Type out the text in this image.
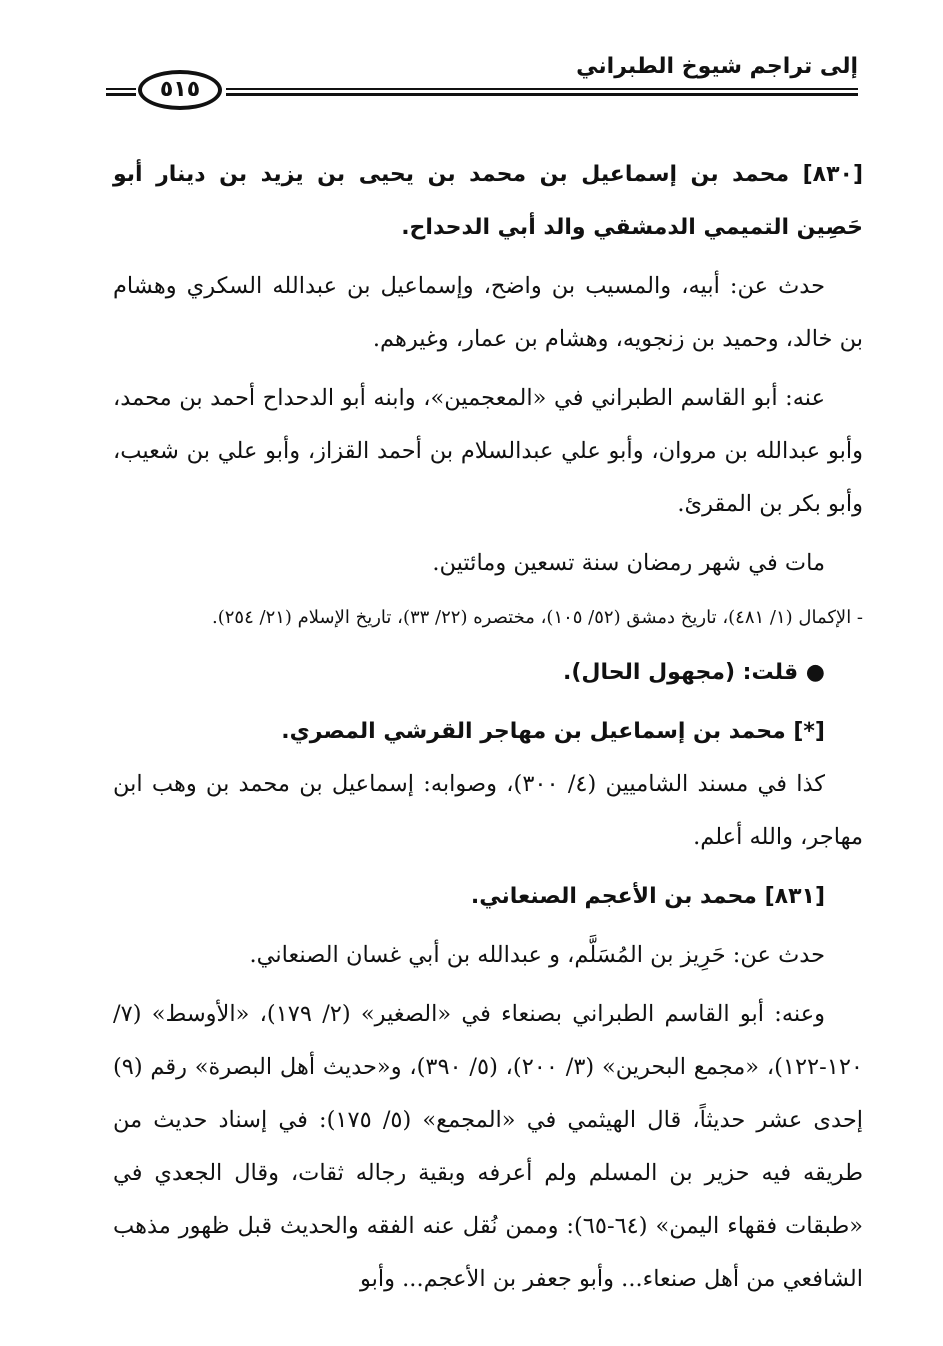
إلى تراجم شيوخ الطبراني
٥١٥

[٨٣٠] محمد بن إسماعيل بن محمد بن يحيى بن يزيد بن دينار أبو حَصِين التميمي الدمشقي والد أبي الدحداح.

حدث عن: أبيه، والمسيب بن واضح، وإسماعيل بن عبدالله السكري وهشام بن خالد، وحميد بن زنجويه، وهشام بن عمار، وغيرهم.

عنه: أبو القاسم الطبراني في «المعجمين»، وابنه أبو الدحداح أحمد بن محمد، وأبو عبدالله بن مروان، وأبو علي عبدالسلام بن أحمد القزاز، وأبو علي بن شعيب، وأبو بكر بن المقرئ.

مات في شهر رمضان سنة تسعين ومائتين.

- الإكمال (١/ ٤٨١)، تاريخ دمشق (٥٢/ ١٠٥)، مختصره (٢٢/ ٣٣)، تاريخ الإسلام (٢١/ ٢٥٤).

● قلت: (مجهول الحال).

[*] محمد بن إسماعيل بن مهاجر القرشي المصري.

كذا في مسند الشاميين (٤/ ٣٠٠)، وصوابه: إسماعيل بن محمد بن وهب ابن مهاجر، والله أعلم.

[٨٣١] محمد بن الأعجم الصنعاني.

حدث عن: حَرِيز بن المُسَلَّم، و عبدالله بن أبي غسان الصنعاني.

وعنه: أبو القاسم الطبراني بصنعاء في «الصغير» (٢/ ١٧٩)، «الأوسط» (٧/ ١٢٠-١٢٢)، «مجمع البحرين» (٣/ ٢٠٠)، (٥/ ٣٩٠)، و«حديث أهل البصرة» رقم (٩) إحدى عشر حديثاً، قال الهيثمي في «المجمع» (٥/ ١٧٥): في إسناد حديث من طريقه فيه حزير بن المسلم ولم أعرفه وبقية رجاله ثقات، وقال الجعدي في «طبقات فقهاء اليمن» (٦٤-٦٥): وممن نُقل عنه الفقه والحديث قبل ظهور مذهب الشافعي من أهل صنعاء... وأبو جعفر بن الأعجم... وأبو
